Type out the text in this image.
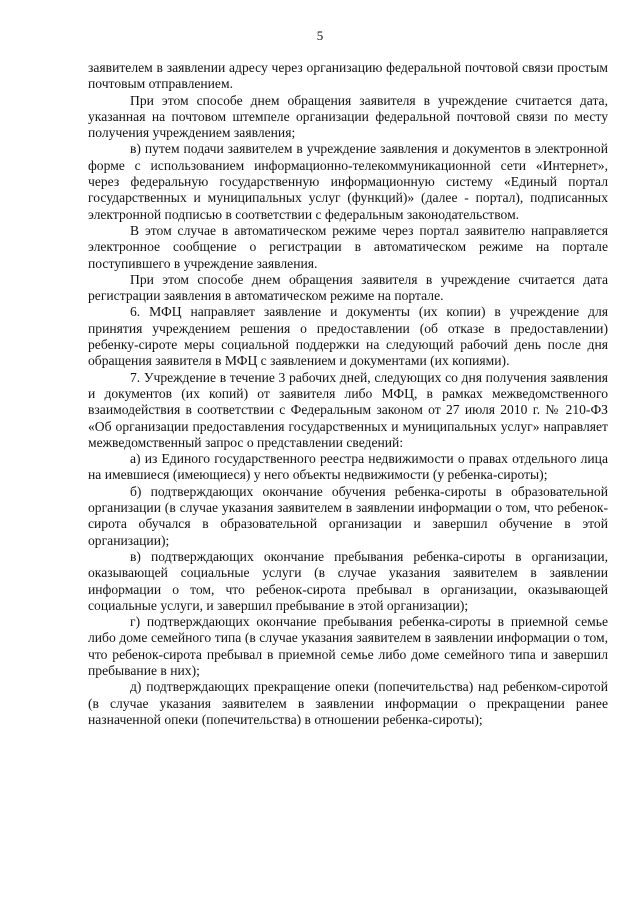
5

заявителем в заявлении адресу через организацию федеральной почтовой связи простым почтовым отправлением.

При этом способе днем обращения заявителя в учреждение считается дата, указанная на почтовом штемпеле организации федеральной почтовой связи по месту получения учреждением заявления;

в) путем подачи заявителем в учреждение заявления и документов в электронной форме с использованием информационно-телекоммуникационной сети «Интернет», через федеральную государственную информационную систему «Единый портал государственных и муниципальных услуг (функций)» (далее - портал), подписанных электронной подписью в соответствии с федеральным законодательством.

В этом случае в автоматическом режиме через портал заявителю направляется электронное сообщение о регистрации в автоматическом режиме на портале поступившего в учреждение заявления.

При этом способе днем обращения заявителя в учреждение считается дата регистрации заявления в автоматическом режиме на портале.

6. МФЦ направляет заявление и документы (их копии) в учреждение для принятия учреждением решения о предоставлении (об отказе в предоставлении) ребенку-сироте меры социальной поддержки на следующий рабочий день после дня обращения заявителя в МФЦ с заявлением и документами (их копиями).

7. Учреждение в течение 3 рабочих дней, следующих со дня получения заявления и документов (их копий) от заявителя либо МФЦ, в рамках межведомственного взаимодействия в соответствии с Федеральным законом от 27 июля 2010 г. № 210-ФЗ «Об организации предоставления государственных и муниципальных услуг» направляет межведомственный запрос о представлении сведений:

а) из Единого государственного реестра недвижимости о правах отдельного лица на имевшиеся (имеющиеся) у него объекты недвижимости (у ребенка-сироты);

б) подтверждающих окончание обучения ребенка-сироты в образовательной организации (в случае указания заявителем в заявлении информации о том, что ребенок-сирота обучался в образовательной организации и завершил обучение в этой организации);

в) подтверждающих окончание пребывания ребенка-сироты в организации, оказывающей социальные услуги (в случае указания заявителем в заявлении информации о том, что ребенок-сирота пребывал в организации, оказывающей социальные услуги, и завершил пребывание в этой организации);

г) подтверждающих окончание пребывания ребенка-сироты в приемной семье либо доме семейного типа (в случае указания заявителем в заявлении информации о том, что ребенок-сирота пребывал в приемной семье либо доме семейного типа и завершил пребывание в них);

д) подтверждающих прекращение опеки (попечительства) над ребенком-сиротой (в случае указания заявителем в заявлении информации о прекращении ранее назначенной опеки (попечительства) в отношении ребенка-сироты);
